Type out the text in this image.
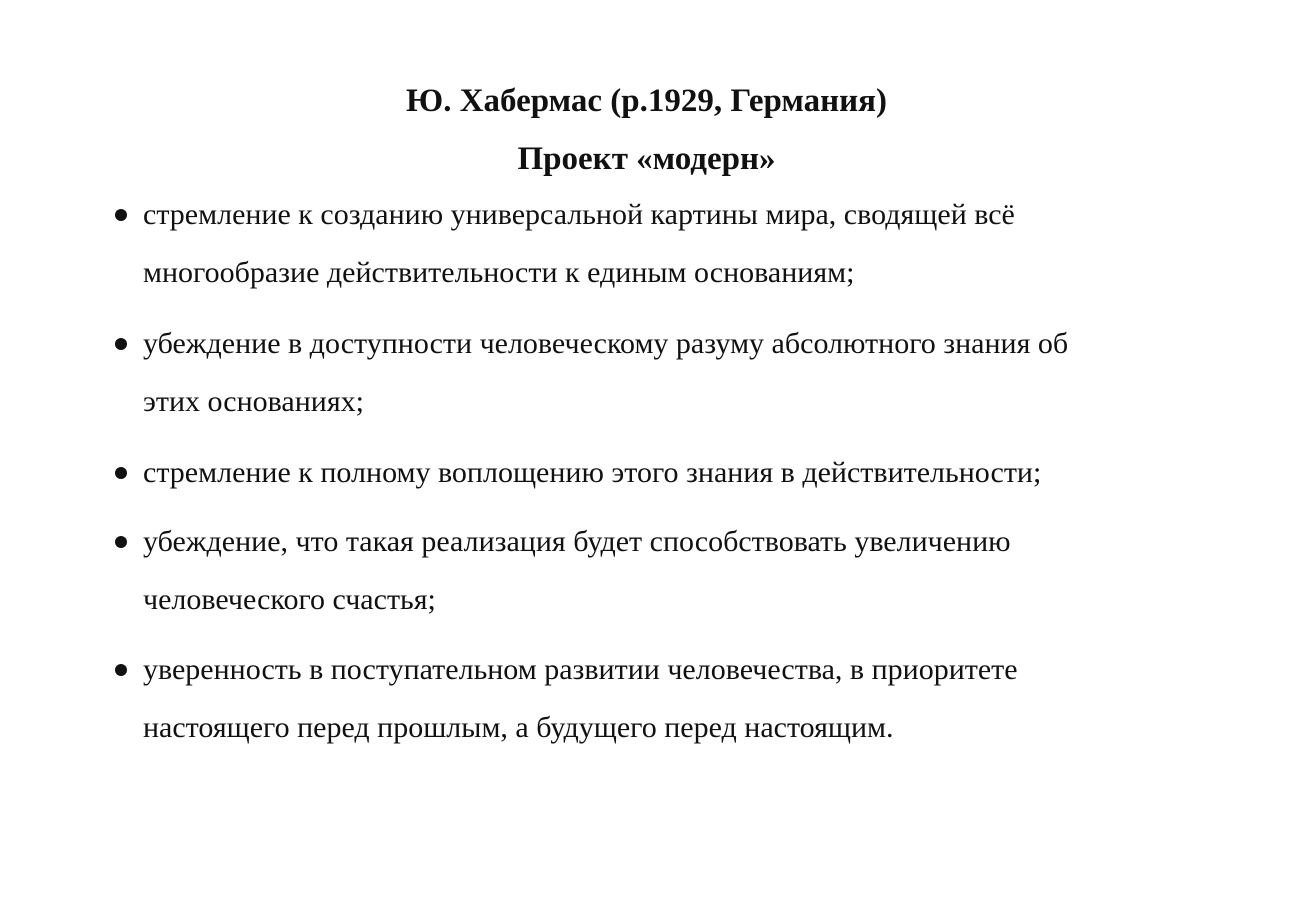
Ю. Хабермас (р.1929, Германия)
Проект «модерн»
стремление к созданию универсальной картины мира, сводящей всё
многообразие действительности к единым основаниям;
убеждение в доступности человеческому разуму абсолютного знания об
этих основаниях;
стремление к полному воплощению этого знания в действительности;
убеждение, что такая реализация будет способствовать увеличению
человеческого счастья;
уверенность в поступательном развитии человечества, в приоритете
настоящего перед прошлым, а будущего перед настоящим.
